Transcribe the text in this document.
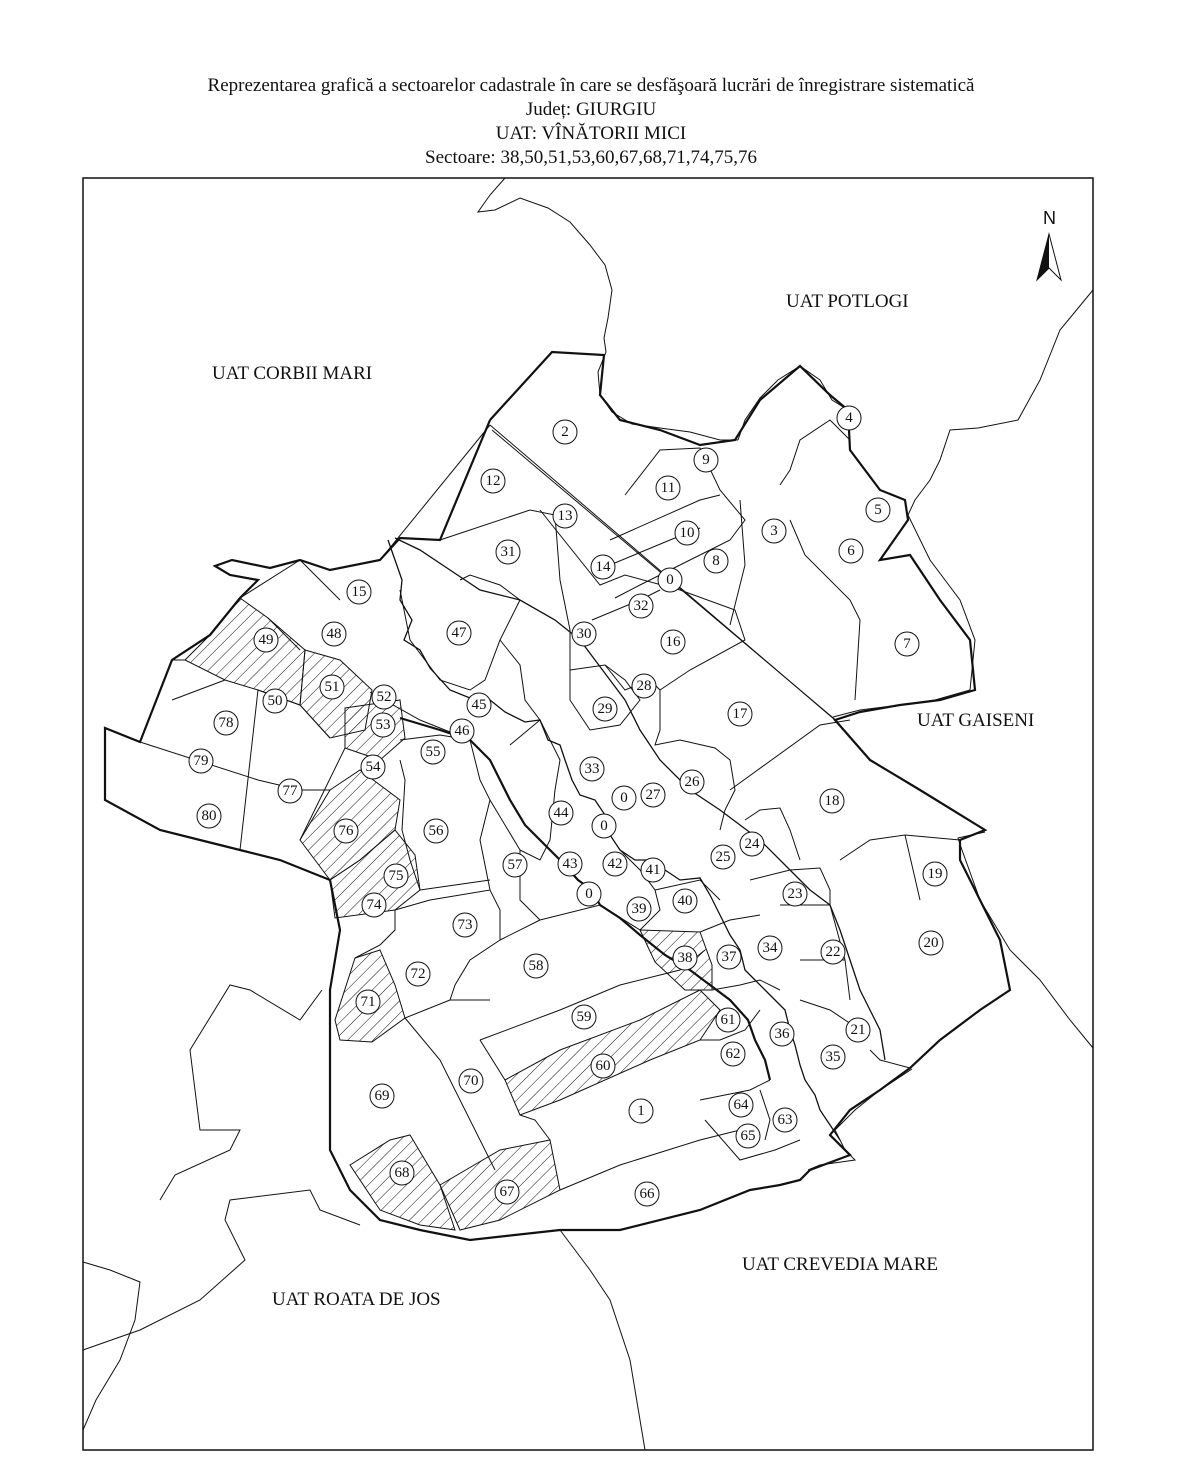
Reprezentarea grafică a sectoarelor cadastrale în care se desfăşoară lucrări de înregistrare sistematică
Județ: GIURGIU
UAT: VÎNĂTORII MICI
Sectoare: 38,50,51,53,60,67,68,71,74,75,76
N
UAT POTLOGI
UAT CORBII MARI
UAT GAISENI
UAT CREVEDIA MARE
UAT ROATA DE JOS
2
9
4
11
5
12
13
10	3
6
8
31
14
0
15
47
32
30	16	7
49	48
28
29	17
51
50	52	45
53
78	46
55
79	54
77
33
0 27
26
18
44
80
76	56	0
25
24
57	43 42 41
75	19
0	40
74	39
23
73
20
38 37
34	22
58
72
71
59	61
21
36
35
60
62
69
70
1	64
63
65
68
67	66
